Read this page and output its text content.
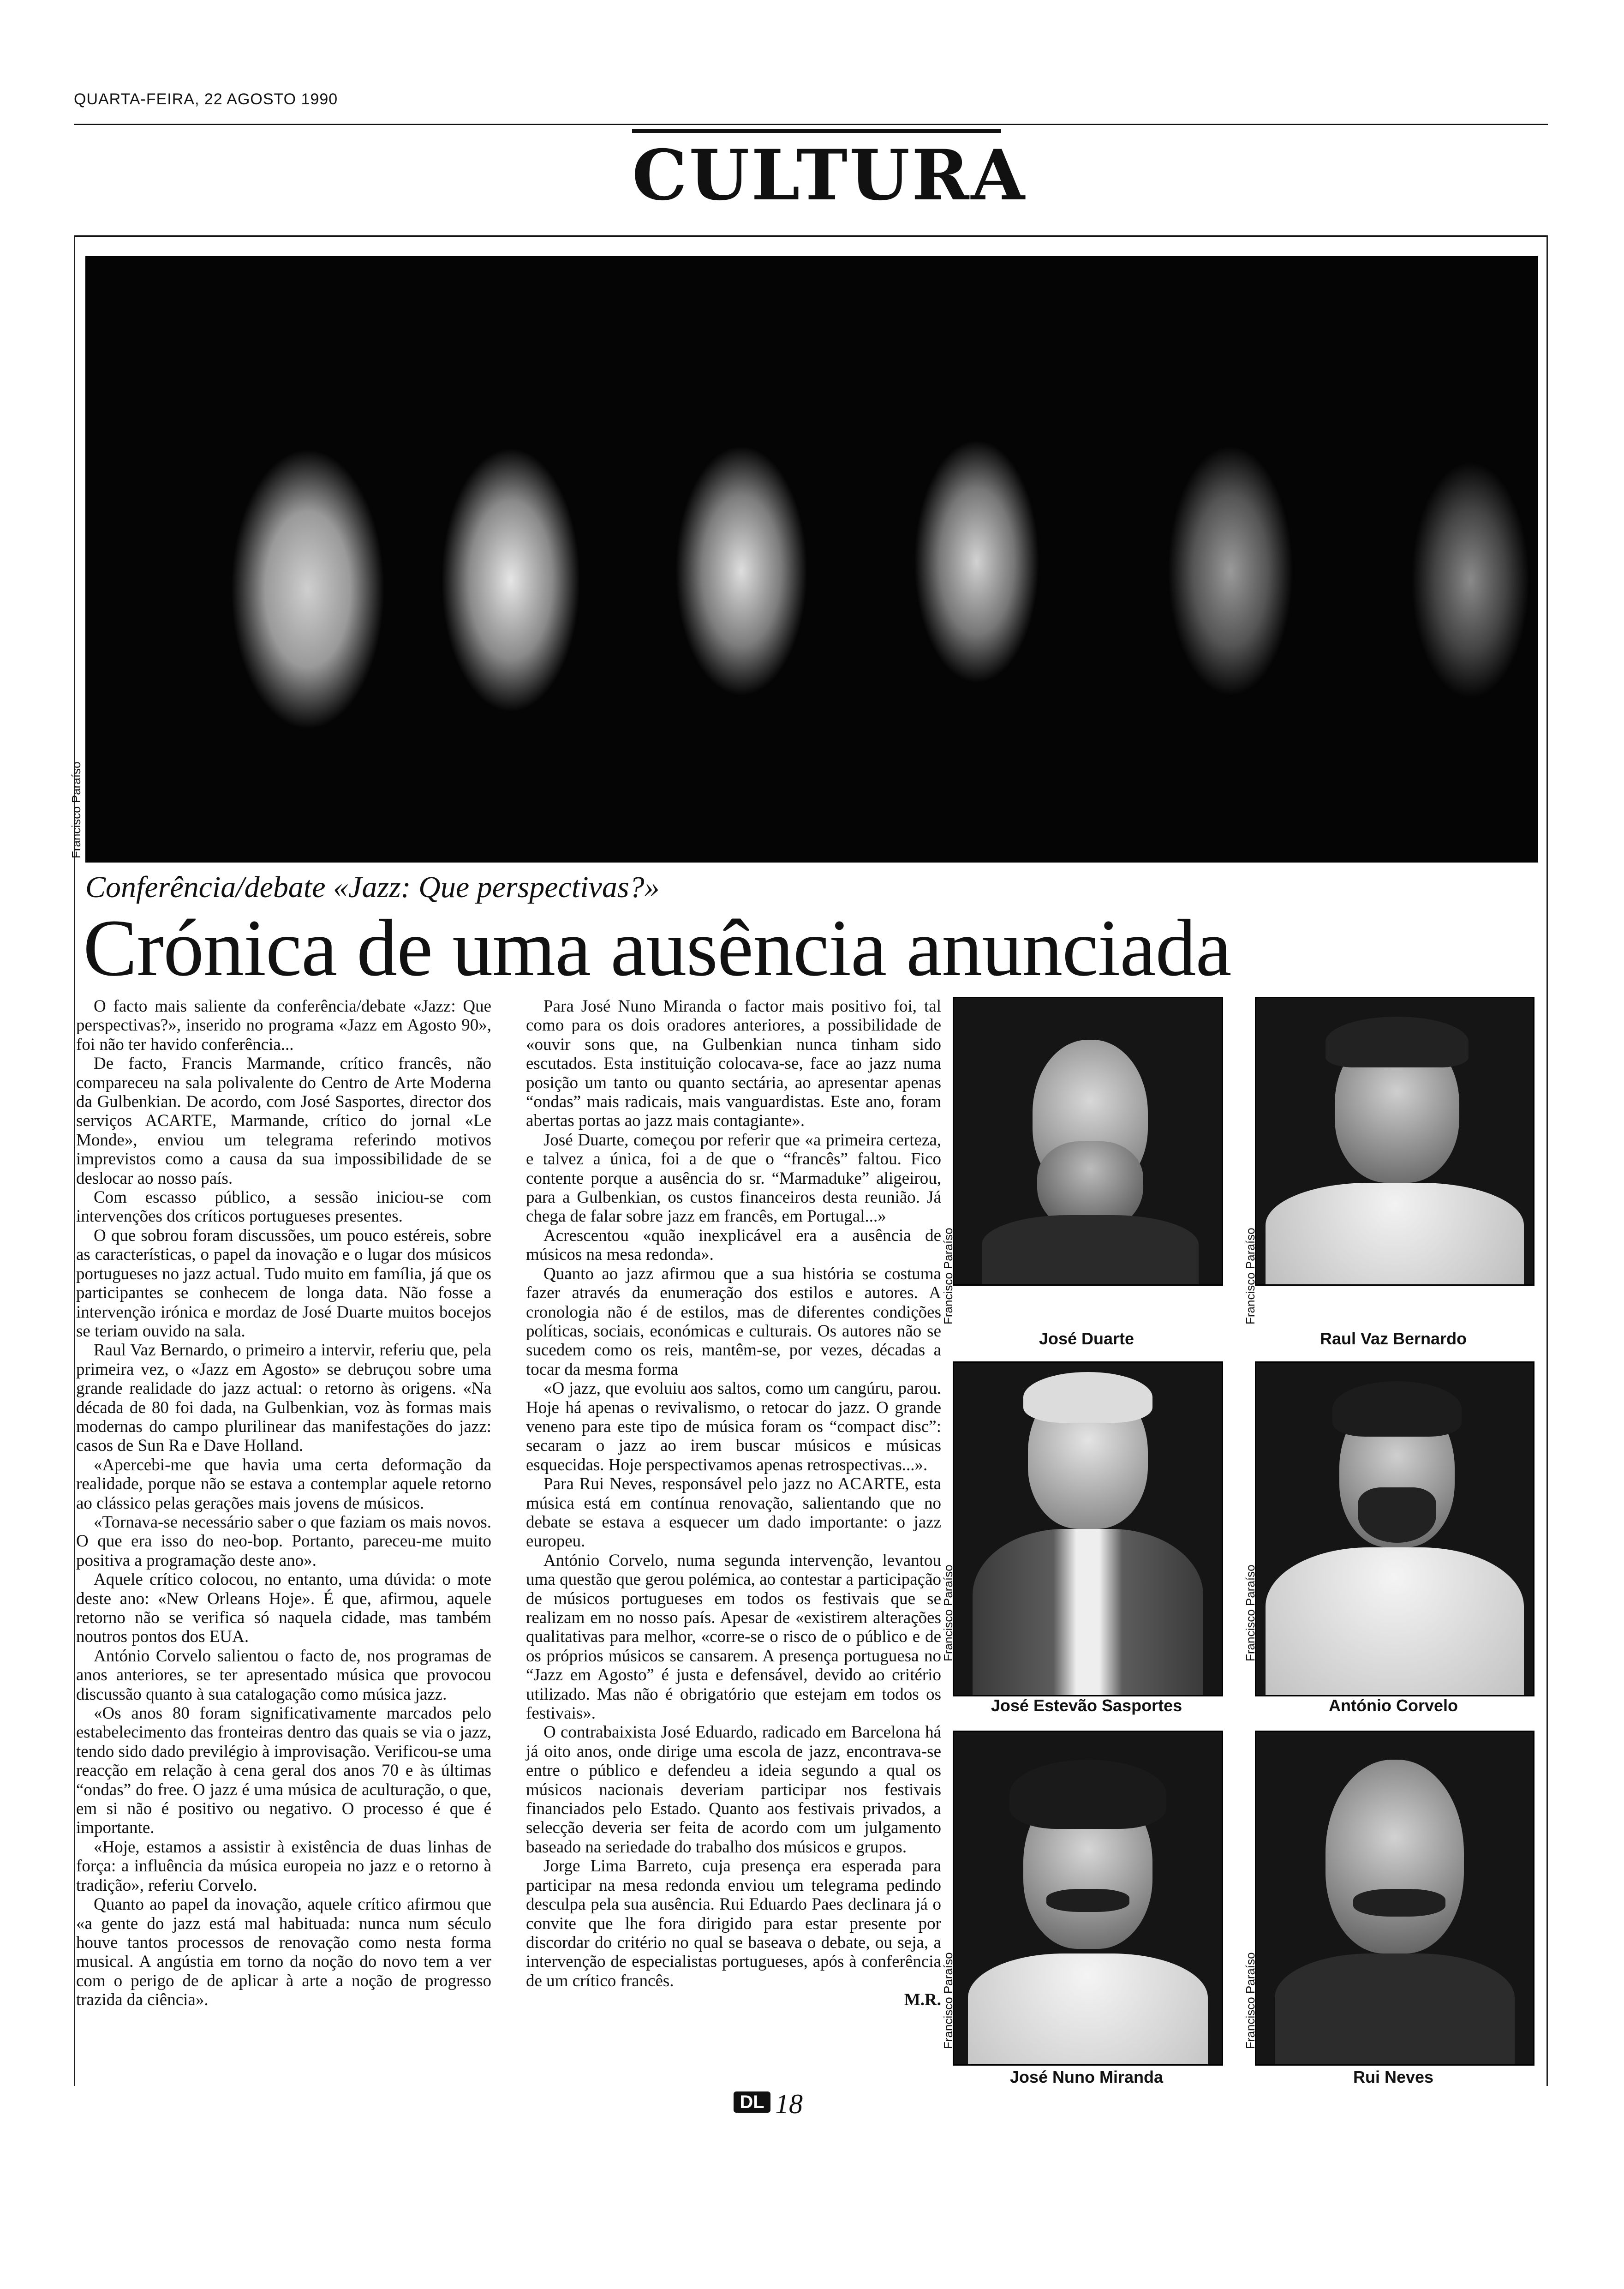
QUARTA-FEIRA, 22 AGOSTO 1990
CULTURA
Francisco Paraíso
Conferência/debate «Jazz: Que perspectivas?»
Crónica de uma ausência anunciada

O facto mais saliente da conferência/debate «Jazz: Que perspectivas?», inserido no programa «Jazz em Agosto 90», foi não ter havido conferência...

De facto, Francis Marmande, crítico francês, não compareceu na sala polivalente do Centro de Arte Moderna da Gulbenkian. De acordo, com José Sasportes, director dos serviços ACARTE, Marmande, crítico do jornal «Le Monde», enviou um telegrama referindo motivos imprevistos como a causa da sua impossibilidade de se deslocar ao nosso país.

Com escasso público, a sessão iniciou-se com intervenções dos críticos portugueses presentes.

O que sobrou foram discussões, um pouco estéreis, sobre as características, o papel da inovação e o lugar dos músicos portugueses no jazz actual. Tudo muito em família, já que os participantes se conhecem de longa data. Não fosse a intervenção irónica e mordaz de José Duarte muitos bocejos se teriam ouvido na sala.

Raul Vaz Bernardo, o primeiro a intervir, referiu que, pela primeira vez, o «Jazz em Agosto» se debruçou sobre uma grande realidade do jazz actual: o retorno às origens. «Na década de 80 foi dada, na Gulbenkian, voz às formas mais modernas do campo plurilinear das manifestações do jazz: casos de Sun Ra e Dave Holland.

«Apercebi-me que havia uma certa deformação da realidade, porque não se estava a contemplar aquele retorno ao clássico pelas gerações mais jovens de músicos.

«Tornava-se necessário saber o que faziam os mais novos. O que era isso do neo-bop. Portanto, pareceu-me muito positiva a programação deste ano».

Aquele crítico colocou, no entanto, uma dúvida: o mote deste ano: «New Orleans Hoje». É que, afirmou, aquele retorno não se verifica só naquela cidade, mas também noutros pontos dos EUA.

António Corvelo salientou o facto de, nos programas de anos anteriores, se ter apresentado música que provocou discussão quanto à sua catalogação como música jazz.

«Os anos 80 foram significativamente marcados pelo estabelecimento das fronteiras dentro das quais se via o jazz, tendo sido dado previlégio à improvisação. Verificou-se uma reacção em relação à cena geral dos anos 70 e às últimas “ondas” do free. O jazz é uma música de aculturação, o que, em si não é positivo ou negativo. O processo é que é importante.

«Hoje, estamos a assistir à existência de duas linhas de força: a influência da música europeia no jazz e o retorno à tradição», referiu Corvelo.

Quanto ao papel da inovação, aquele crítico afirmou que «a gente do jazz está mal habituada: nunca num século houve tantos processos de renovação como nesta forma musical. A angústia em torno da noção do novo tem a ver com o perigo de de aplicar à arte a noção de progresso trazida da ciência».

Para José Nuno Miranda o factor mais positivo foi, tal como para os dois oradores anteriores, a possibilidade de «ouvir sons que, na Gulbenkian nunca tinham sido escutados. Esta instituição colocava-se, face ao jazz numa posição um tanto ou quanto sectária, ao apresentar apenas “ondas” mais radicais, mais vanguardistas. Este ano, foram abertas portas ao jazz mais contagiante».

José Duarte, começou por referir que «a primeira certeza, e talvez a única, foi a de que o “francês” faltou. Fico contente porque a ausência do sr. “Marmaduke” aligeirou, para a Gulbenkian, os custos financeiros desta reunião. Já chega de falar sobre jazz em francês, em Portugal...»

Acrescentou «quão inexplicável era a ausência de músicos na mesa redonda».

Quanto ao jazz afirmou que a sua história se costuma fazer através da enumeração dos estilos e autores. A cronologia não é de estilos, mas de diferentes condições políticas, sociais, económicas e culturais. Os autores não se sucedem como os reis, mantêm-se, por vezes, décadas a tocar da mesma forma

«O jazz, que evoluiu aos saltos, como um cangúru, parou. Hoje há apenas o revivalismo, o retocar do jazz. O grande veneno para este tipo de música foram os “compact disc”: secaram o jazz ao irem buscar músicos e músicas esquecidas. Hoje perspectivamos apenas retrospectivas...».

Para Rui Neves, responsável pelo jazz no ACARTE, esta música está em contínua renovação, salientando que no debate se estava a esquecer um dado importante: o jazz europeu.

António Corvelo, numa segunda intervenção, levantou uma questão que gerou polémica, ao contestar a participação de músicos portugueses em todos os festivais que se realizam em no nosso país. Apesar de «existirem alterações qualitativas para melhor, «corre-se o risco de o público e de os próprios músicos se cansarem. A presença portuguesa no “Jazz em Agosto” é justa e defensável, devido ao critério utilizado. Mas não é obrigatório que estejam em todos os festivais».

O contrabaixista José Eduardo, radicado em Barcelona há já oito anos, onde dirige uma escola de jazz, encontrava-se entre o público e defendeu a ideia segundo a qual os músicos nacionais deveriam participar nos festivais financiados pelo Estado. Quanto aos festivais privados, a selecção deveria ser feita de acordo com um julgamento baseado na seriedade do trabalho dos músicos e grupos.

Jorge Lima Barreto, cuja presença era esperada para participar na mesa redonda enviou um telegrama pedindo desculpa pela sua ausência. Rui Eduardo Paes declinara já o convite que lhe fora dirigido para estar presente por discordar do critério no qual se baseava o debate, ou seja, a intervenção de especialistas portugueses, após à conferência de um crítico francês.

M.R.
Francisco Paraíso
José Duarte
Francisco Paraíso
Raul Vaz Bernardo
Francisco Paraíso
José Estevão Sasportes
Francisco Paraíso
António Corvelo
Francisco Paraíso
José Nuno Miranda
Francisco Paraíso
Rui Neves
DL 18
